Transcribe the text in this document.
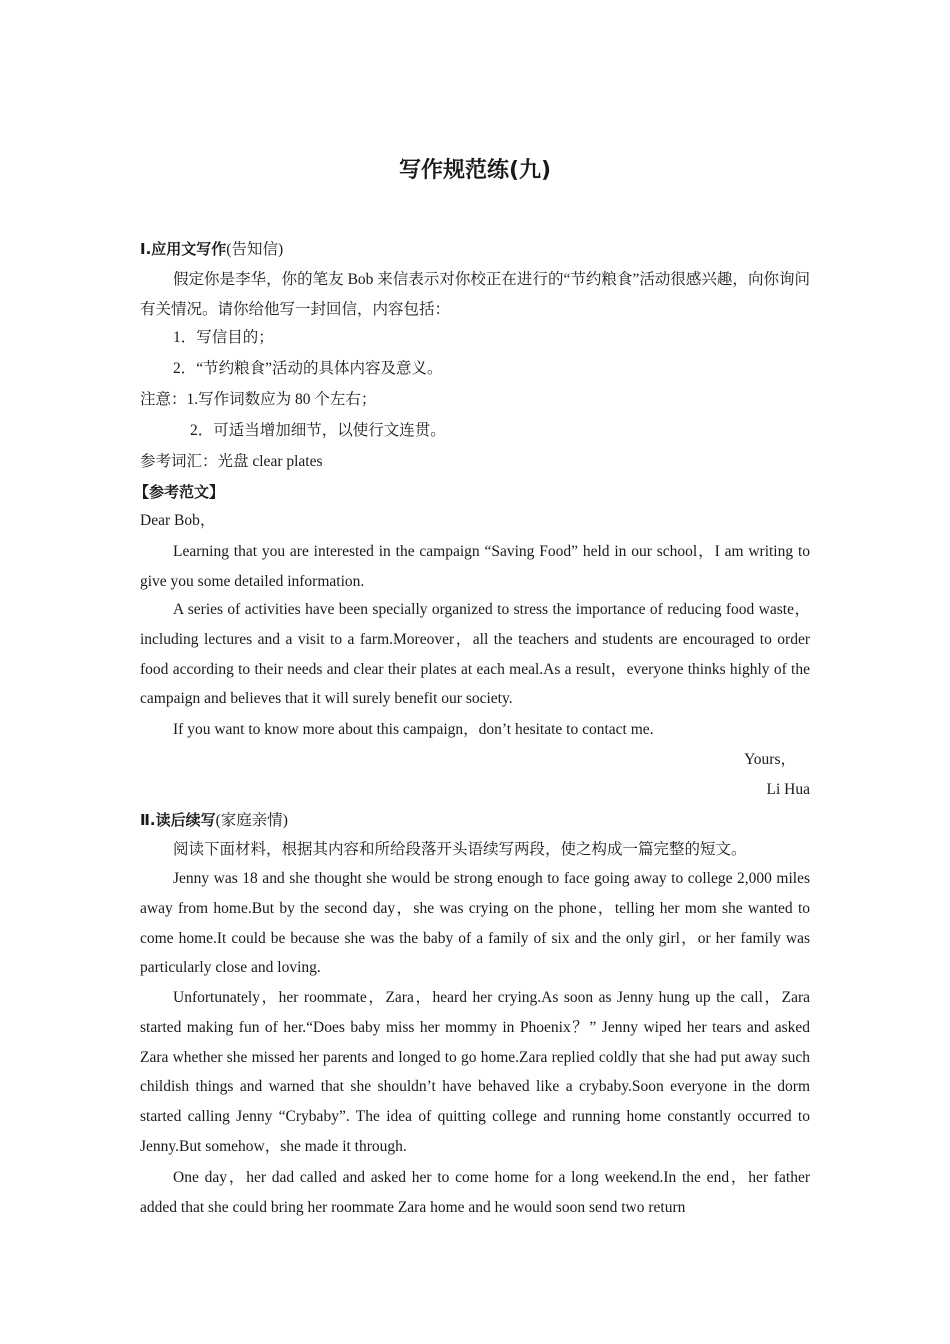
写作规范练(九)
Ⅰ.应用文写作(告知信)

假定你是李华，你的笔友 Bob 来信表示对你校正在进行的“节约粮食”活动很感兴趣，向你询问有关情况。请你给他写一封回信，内容包括：

1．写信目的；
2．“节约粮食”活动的具体内容及意义。
注意：1.写作词数应为 80 个左右；
2．可适当增加细节，以使行文连贯。
参考词汇：光盘 clear plates
【参考范文】
Dear Bob，

Learning that you are interested in the campaign “Saving Food” held in our school，I am writing to give you some detailed information.

A series of activities have been specially organized to stress the importance of reducing food waste，including lectures and a visit to a farm.Moreover，all the teachers and students are encouraged to order food according to their needs and clear their plates at each meal.As a result，everyone thinks highly of the campaign and believes that it will surely benefit our society.

If you want to know more about this campaign，don’t hesitate to contact me.

Yours，
Li Hua
Ⅱ.读后续写(家庭亲情)
阅读下面材料，根据其内容和所给段落开头语续写两段，使之构成一篇完整的短文。

Jenny was 18 and she thought she would be strong enough to face going away to college 2,000 miles away from home.But by the second day，she was crying on the phone，telling her mom she wanted to come home.It could be because she was the baby of a family of six and the only girl，or her family was particularly close and loving.

Unfortunately，her roommate，Zara，heard her crying.As soon as Jenny hung up the call，Zara started making fun of her.“Does baby miss her mommy in Phoenix？” Jenny wiped her tears and asked Zara whether she missed her parents and longed to go home.Zara replied coldly that she had put away such childish things and warned that she shouldn’t have behaved like a crybaby.Soon everyone in the dorm started calling Jenny “Crybaby”. The idea of quitting college and running home constantly occurred to Jenny.But somehow，she made it through.

One day，her dad called and asked her to come home for a long weekend.In the end，her father added that she could bring her roommate Zara home and he would soon send two return
